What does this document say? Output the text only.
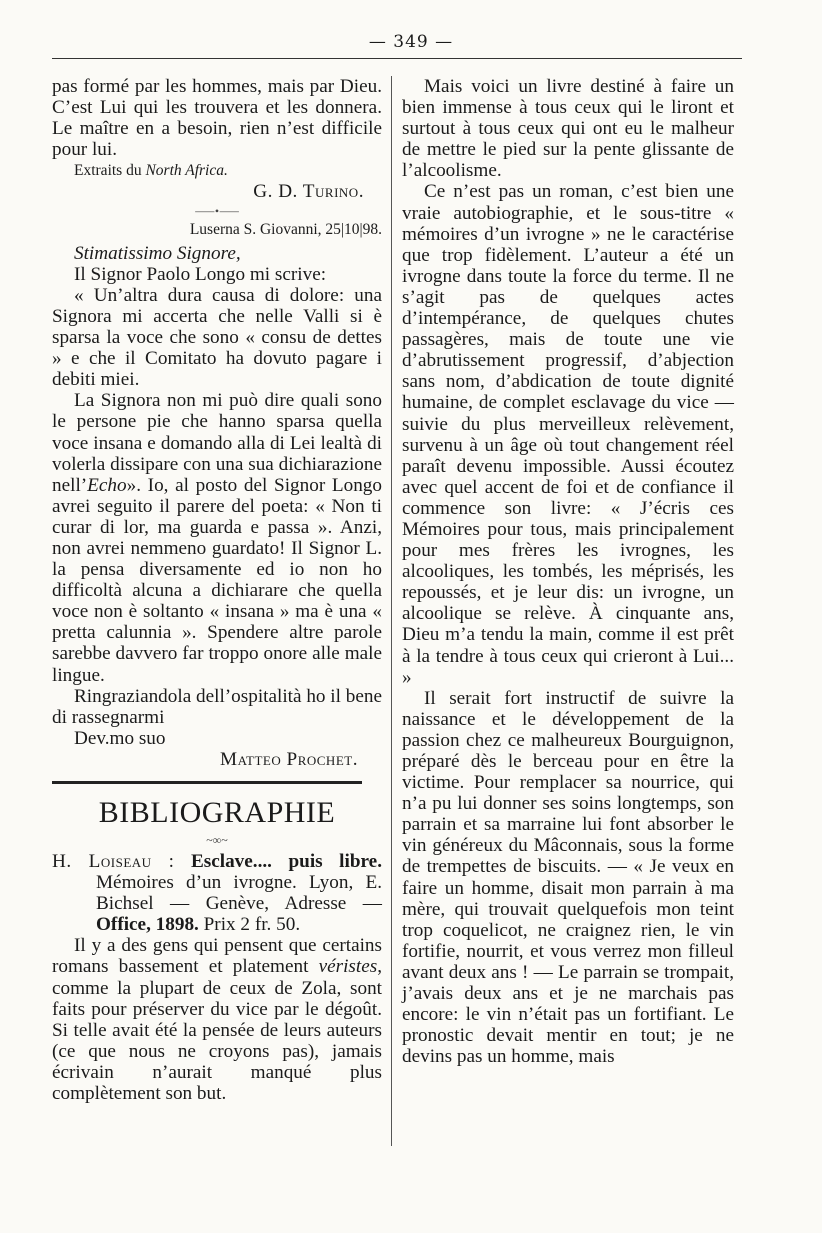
— 349 —

pas formé par les hommes, mais par Dieu. C’est Lui qui les trouvera et les donnera. Le maître en a besoin, rien n’est difficile pour lui.

Extraits du North Africa.

G. D. Turino.

⸺•⸺

Luserna S. Giovanni, 25|10|98.

Stimatissimo Signore,

Il Signor Paolo Longo mi scrive:

« Un’altra dura causa di dolore: una Signora mi accerta che nelle Valli si è sparsa la voce che sono « consu de dettes » e che il Comitato ha dovuto pagare i debiti miei.

La Signora non mi può dire quali sono le persone pie che hanno sparsa quella voce insana e domando alla di Lei lealtà di volerla dissipare con una sua dichiarazione nell’Echo». Io, al posto del Signor Longo avrei seguito il parere del poeta: « Non ti curar di lor, ma guarda e passa ». Anzi, non avrei nemmeno guardato! Il Signor L. la pensa diversamente ed io non ho difficoltà alcuna a dichiarare che quella voce non è soltanto « insana » ma è una « pretta calunnia ». Spendere altre parole sarebbe davvero far troppo onore alle male lingue.

Ringraziandola dell’ospitalità ho il bene di rassegnarmi

Dev.mo suo

Matteo Prochet.

BIBLIOGRAPHIE
~∞~

H. Loiseau : Esclave.... puis libre. Mémoires d’un ivrogne. Lyon, E. Bichsel — Genève, Adresse — Office, 1898. Prix 2 fr. 50.

Il y a des gens qui pensent que certains romans bassement et platement véristes, comme la plupart de ceux de Zola, sont faits pour préserver du vice par le dégoût. Si telle avait été la pensée de leurs auteurs (ce que nous ne croyons pas), jamais écrivain n’aurait manqué plus complètement son but.

Mais voici un livre destiné à faire un bien immense à tous ceux qui le liront et surtout à tous ceux qui ont eu le malheur de mettre le pied sur la pente glissante de l’alcoolisme.

Ce n’est pas un roman, c’est bien une vraie autobiographie, et le sous-titre « mémoires d’un ivrogne » ne le caractérise que trop fidèlement. L’auteur a été un ivrogne dans toute la force du terme. Il ne s’agit pas de quelques actes d’intempérance, de quelques chutes passagères, mais de toute une vie d’abrutissement progressif, d’abjection sans nom, d’abdication de toute dignité humaine, de complet esclavage du vice — suivie du plus merveilleux relèvement, survenu à un âge où tout changement réel paraît devenu impossible. Aussi écoutez avec quel accent de foi et de confiance il commence son livre: « J’écris ces Mémoires pour tous, mais principalement pour mes frères les ivrognes, les alcooliques, les tombés, les méprisés, les repoussés, et je leur dis: un ivrogne, un alcoolique se relève. À cinquante ans, Dieu m’a tendu la main, comme il est prêt à la tendre à tous ceux qui crieront à Lui... »

Il serait fort instructif de suivre la naissance et le développement de la passion chez ce malheureux Bourguignon, préparé dès le berceau pour en être la victime. Pour remplacer sa nourrice, qui n’a pu lui donner ses soins longtemps, son parrain et sa marraine lui font absorber le vin généreux du Mâconnais, sous la forme de trempettes de biscuits. — « Je veux en faire un homme, disait mon parrain à ma mère, qui trouvait quelquefois mon teint trop coquelicot, ne craignez rien, le vin fortifie, nourrit, et vous verrez mon filleul avant deux ans ! — Le parrain se trompait, j’avais deux ans et je ne marchais pas encore: le vin n’était pas un fortifiant. Le pronostic devait mentir en tout; je ne devins pas un homme, mais
